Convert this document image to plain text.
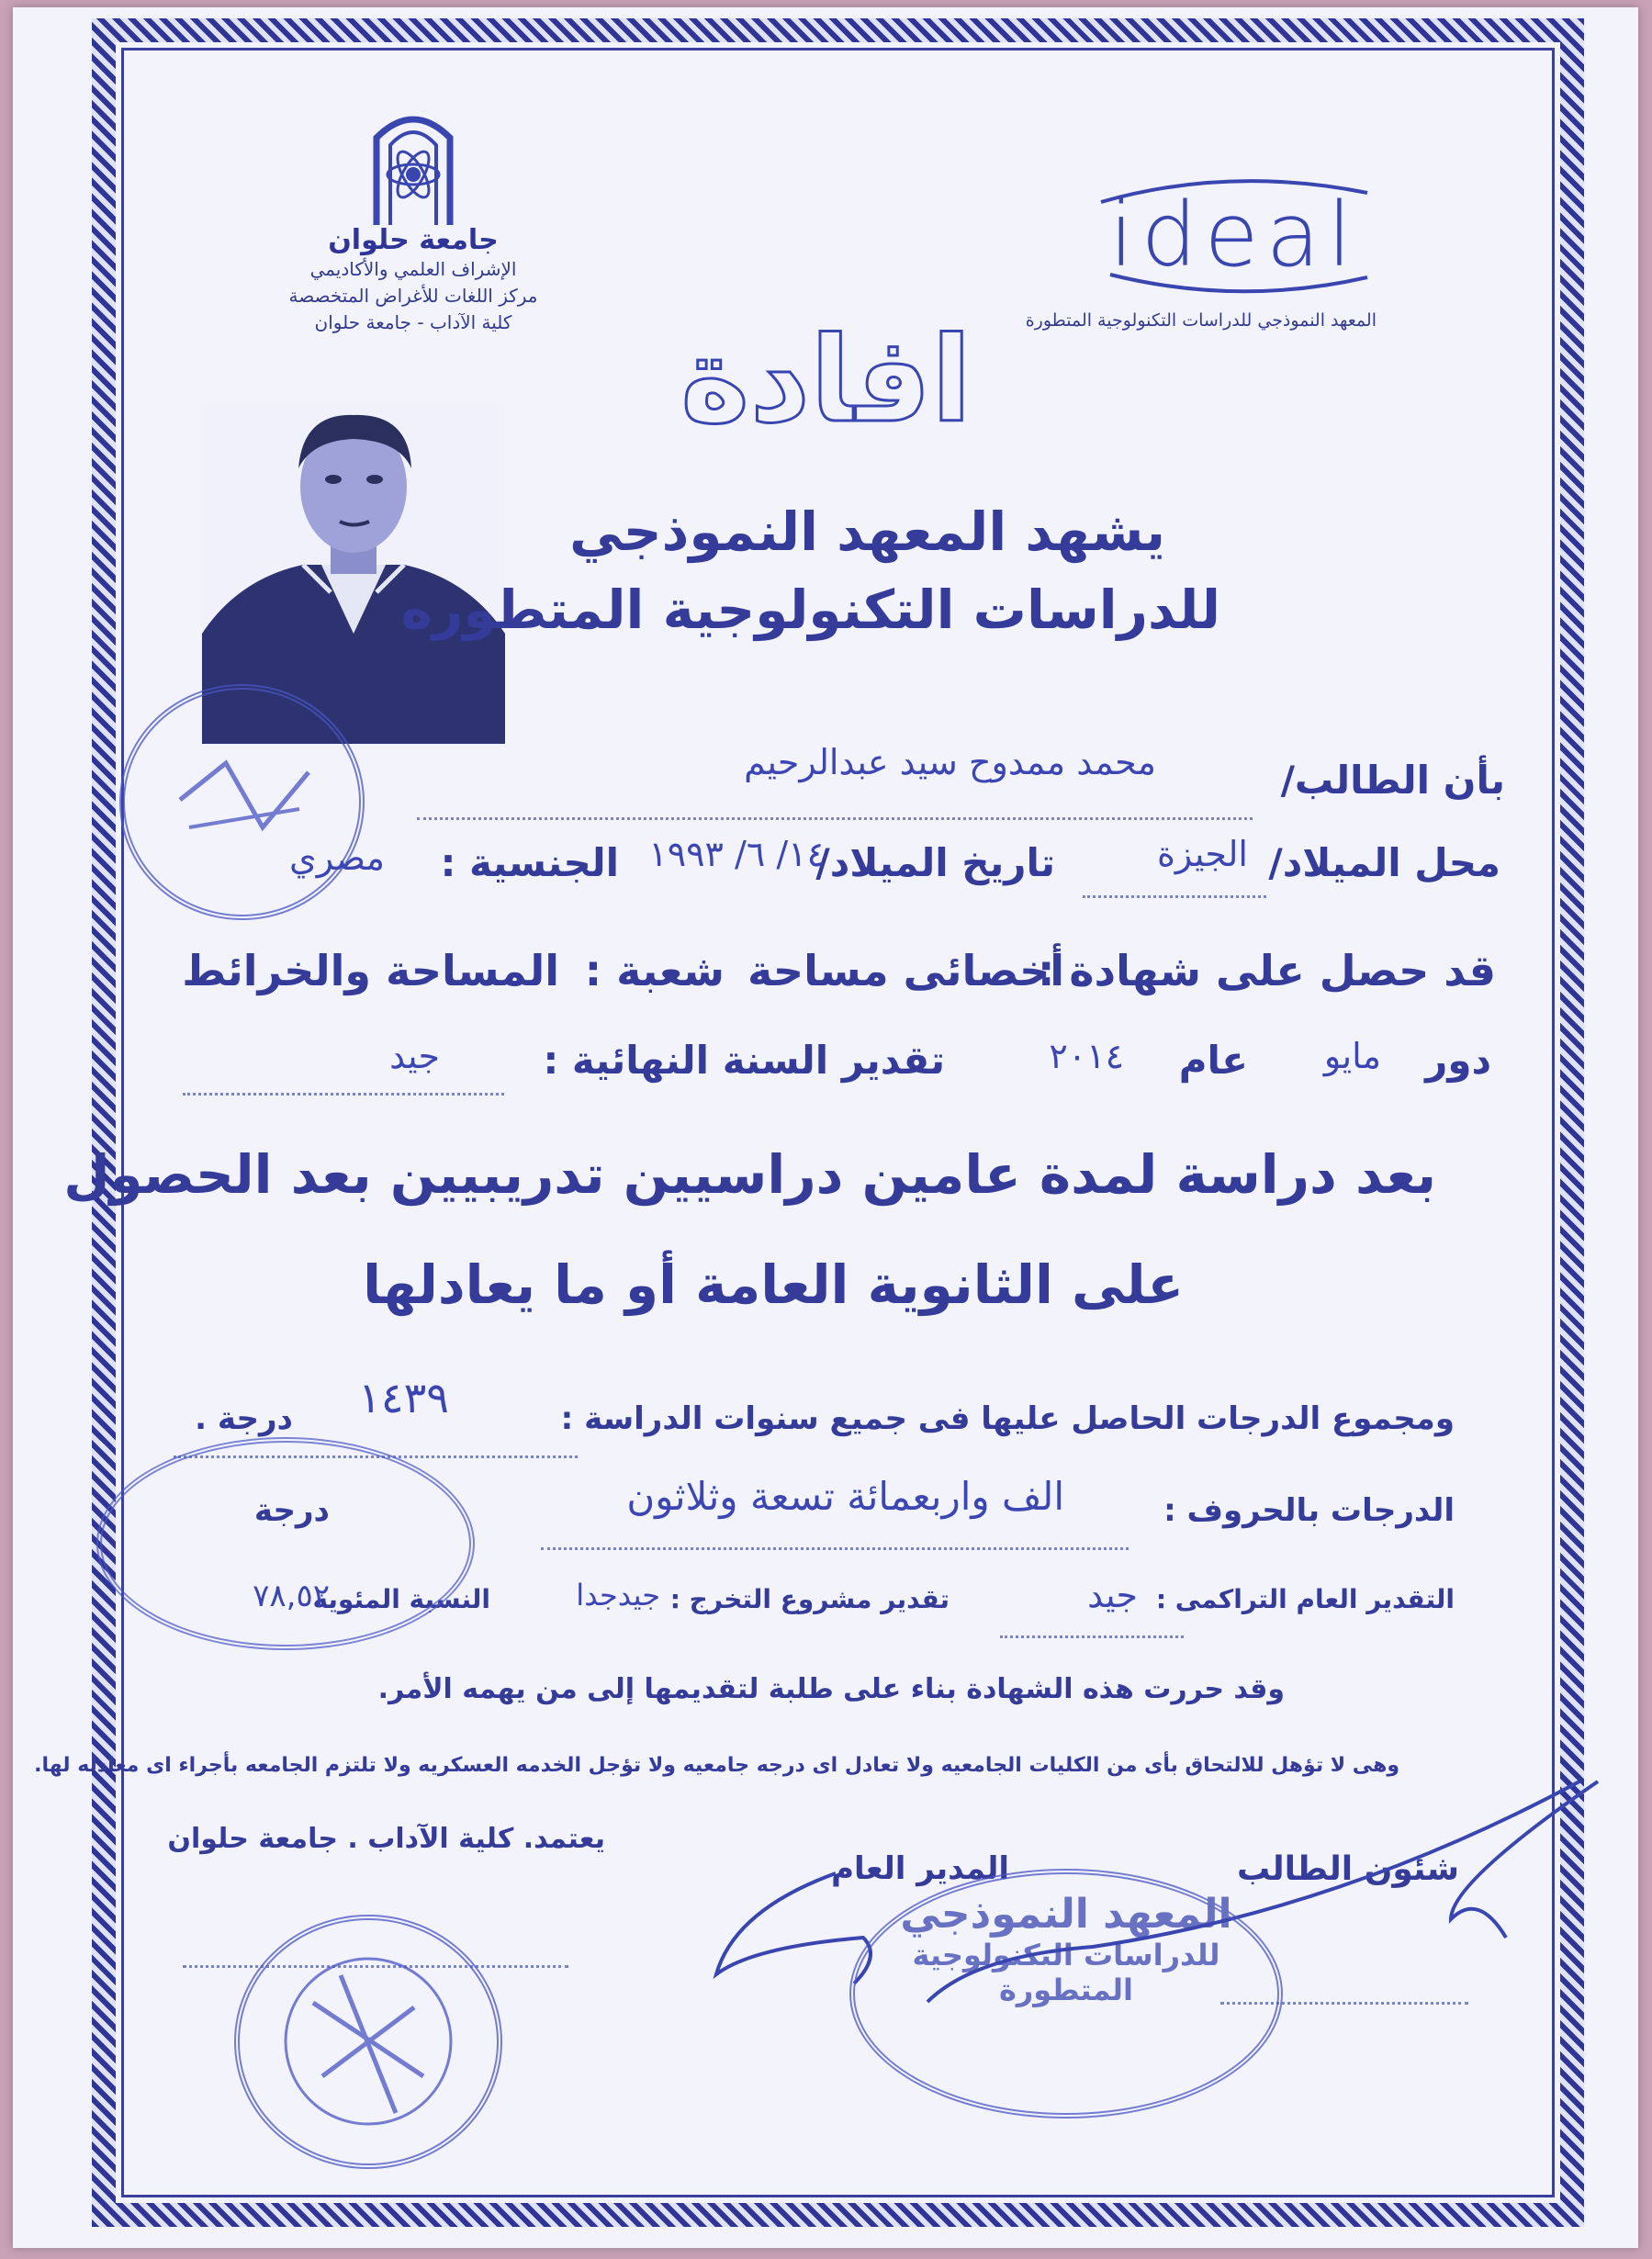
ideal
المعهد النموذجي للدراسات التكنولوجية المتطورة
جامعة حلوان
الإشراف العلمي والأكاديمي
مركز اللغات للأغراض المتخصصة
كلية الآداب - جامعة حلوان	افادة
يشهد المعهد النموذجي
للدراسات التكنولوجية المتطوره
بأن الطالب/
محمد ممدوح سيد عبدالرحيم
محل الميلاد/
الجيزة
تاريخ الميلاد/
١٤/ ٦/ ١٩٩٣
الجنسية :
مصري
قد حصل على شهادة :
أخصائى مساحة
شعبة :
المساحة والخرائط
دور
مايو
عام
٢٠١٤
تقدير السنة النهائية :
جيد
بعد دراسة لمدة عامين دراسيين تدريبيين بعد الحصول
على الثانوية العامة أو ما يعادلها
ومجموع الدرجات الحاصل عليها فى جميع سنوات الدراسة :
١٤٣٩
درجة .
الدرجات بالحروف :
الف واربعمائة تسعة وثلاثون
درجة
التقدير العام التراكمى :
جيد
تقدير مشروع التخرج :
جيدجدا
النسبة المئوية
٧٨,٥٢
وقد حررت هذه الشهادة بناء على طلبة لتقديمها إلى من يهمه الأمر.
وهى لا تؤهل للالتحاق بأى من الكليات الجامعيه ولا تعادل اى درجه جامعيه ولا تؤجل الخدمه العسكريه ولا تلتزم الجامعه بأجراء اى معادله لها.
شئون الطالب
المدير العام
يعتمد. كلية الآداب . جامعة حلوان
المعهد النموذجي
للدراسات التكنولوجية
المتطورة
